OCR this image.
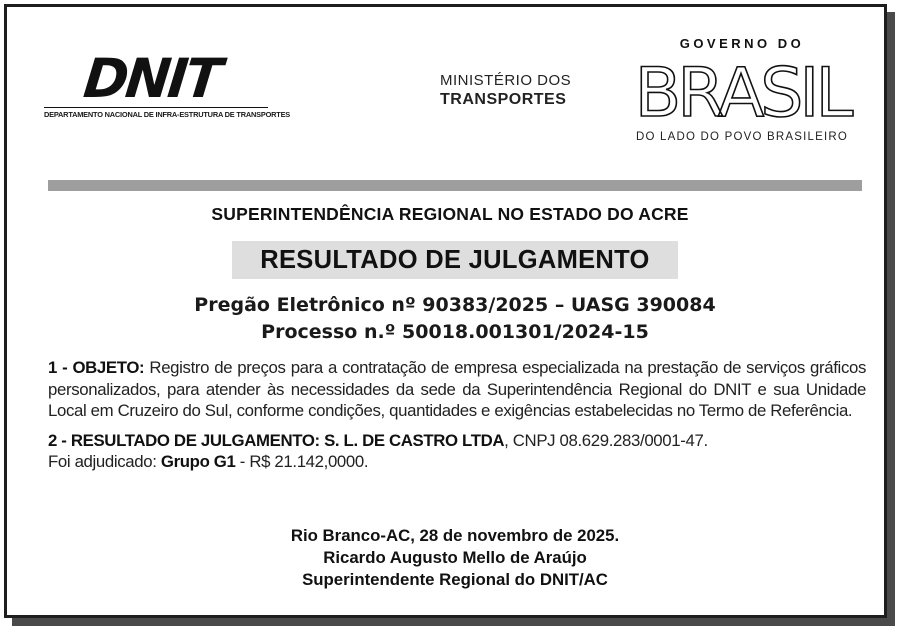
DNIT
DEPARTAMENTO NACIONAL DE INFRA-ESTRUTURA DE TRANSPORTES
MINISTÉRIO DOS
TRANSPORTES
GOVERNO DO
BRASIL
DO LADO DO POVO BRASILEIRO
SUPERINTENDÊNCIA REGIONAL NO ESTADO DO ACRE
RESULTADO DE JULGAMENTO
Pregão Eletrônico nº 90383/2025 – UASG 390084
Processo n.º 50018.001301/2024-15

1 - OBJETO: Registro de preços para a contratação de empresa especializada na prestação de serviços gráficos personalizados, para atender às necessidades da sede da Superintendência Regional do DNIT e sua Unidade Local em Cruzeiro do Sul, conforme condições, quantidades e exigências estabelecidas no Termo de Referência.

2 - RESULTADO DE JULGAMENTO: S. L. DE CASTRO LTDA, CNPJ 08.629.283/0001-47.
Foi adjudicado: Grupo G1 - R$ 21.142,0000.

Rio Branco-AC, 28 de novembro de 2025.
Ricardo Augusto Mello de Araújo
Superintendente Regional do DNIT/AC
